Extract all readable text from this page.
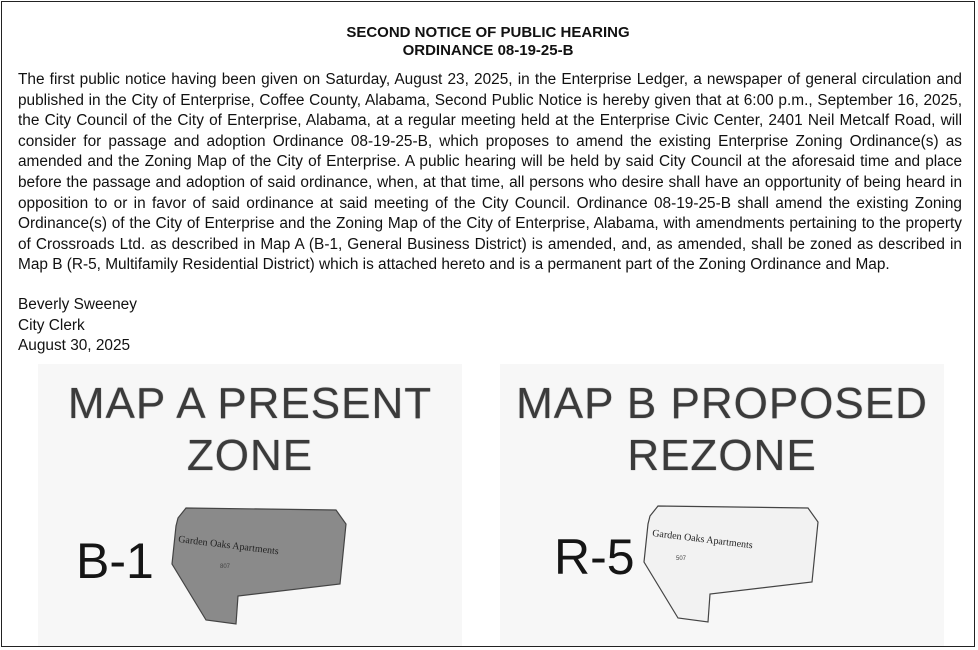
SECOND NOTICE OF PUBLIC HEARING
ORDINANCE 08-19-25-B
The first public notice having been given on Saturday, August 23, 2025, in the Enterprise Ledger, a newspaper of general circulation and published in the City of Enterprise, Coffee County, Alabama, Second Public Notice is hereby given that at 6:00 p.m., September 16, 2025, the City Council of the City of Enterprise, Alabama, at a regular meeting held at the Enterprise Civic Center, 2401 Neil Metcalf Road, will consider for passage and adoption Ordinance 08-19-25-B, which proposes to amend the existing Enterprise Zoning Ordinance(s) as amended and the Zoning Map of the City of Enterprise. A public hearing will be held by said City Council at the aforesaid time and place before the passage and adoption of said ordinance, when, at that time, all persons who desire shall have an opportunity of being heard in opposition to or in favor of said ordinance at said meeting of the City Council. Ordinance 08-19-25-B shall amend the existing Zoning Ordinance(s) of the City of Enterprise and the Zoning Map of the City of Enterprise, Alabama, with amendments pertaining to the property of Crossroads Ltd. as described in Map A (B-1, General Business District) is amended, and, as amended, shall be zoned as described in Map B (R-5, Multifamily Residential District) which is attached hereto and is a permanent part of the Zoning Ordinance and Map.
Beverly Sweeney
City Clerk
August 30, 2025
MAP A PRESENT
ZONE
B-1 Garden Oaks Apartments
807
MAP B PROPOSED
REZONE
R-5 Garden Oaks Apartments
507
